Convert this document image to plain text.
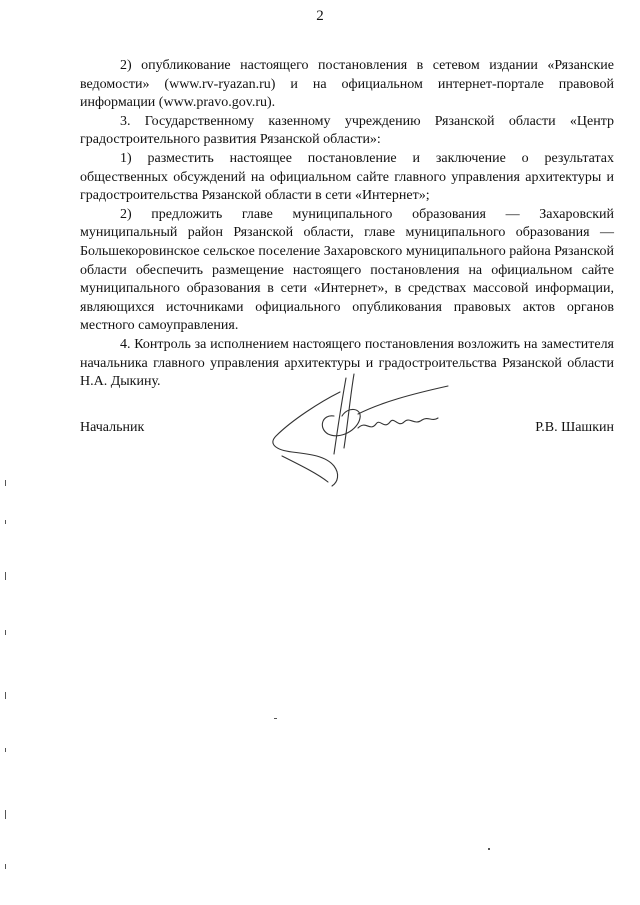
2

2) опубликование настоящего постановления в сетевом издании «Рязанские ведомости» (www.rv-ryazan.ru) и на официальном интернет-портале правовой информации (www.pravo.gov.ru).

3. Государственному казенному учреждению Рязанской области «Центр градостроительного развития Рязанской области»:

1) разместить настоящее постановление и заключение о результатах общественных обсуждений на официальном сайте главного управления архитектуры и градостроительства Рязанской области в сети «Интернет»;

2) предложить главе муниципального образования — Захаровский муниципальный район Рязанской области, главе муниципального образования — Большекоровинское сельское поселение Захаровского муниципального района Рязанской области обеспечить размещение настоящего постановления на официальном сайте муниципального образования в сети «Интернет», в средствах массовой информации, являющихся источниками официального опубликования правовых актов органов местного самоуправления.

4. Контроль за исполнением настоящего постановления возложить на заместителя начальника главного управления архитектуры и градостроительства Рязанской области Н.А. Дыкину.

Начальник	Р.В. Шашкин
